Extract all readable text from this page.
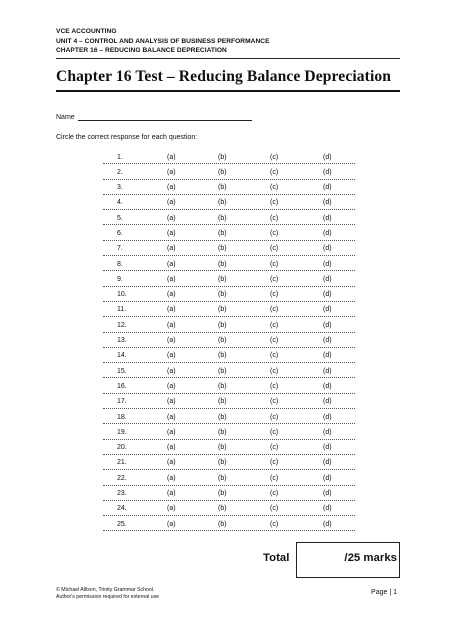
VCE ACCOUNTING
UNIT 4 – CONTROL AND ANALYSIS OF BUSINESS PERFORMANCE
CHAPTER 16 – REDUCING BALANCE DEPRECIATION
Chapter 16 Test – Reducing Balance Depreciation
Name
Circle the correct response for each question:
1.	(a)	(b)	(c)	(d)
2.	(a)	(b)	(c)	(d)
3.	(a)	(b)	(c)	(d)
4.	(a)	(b)	(c)	(d)
5.	(a)	(b)	(c)	(d)
6.	(a)	(b)	(c)	(d)
7.	(a)	(b)	(c)	(d)
8.	(a)	(b)	(c)	(d)
9.	(a)	(b)	(c)	(d)
10.	(a)	(b)	(c)	(d)
11.	(a)	(b)	(c)	(d)
12.	(a)	(b)	(c)	(d)
13.	(a)	(b)	(c)	(d)
14.	(a)	(b)	(c)	(d)
15.	(a)	(b)	(c)	(d)
16.	(a)	(b)	(c)	(d)
17.	(a)	(b)	(c)	(d)
18.	(a)	(b)	(c)	(d)
19.	(a)	(b)	(c)	(d)
20.	(a)	(b)	(c)	(d)
21.	(a)	(b)	(c)	(d)
22.	(a)	(b)	(c)	(d)
23.	(a)	(b)	(c)	(d)
24.	(a)	(b)	(c)	(d)
25.	(a)	(b)	(c)	(d)
Total	/25 marks
© Michael Allison, Trinity Grammar School.
Author's permission required for external use
Page | 1
